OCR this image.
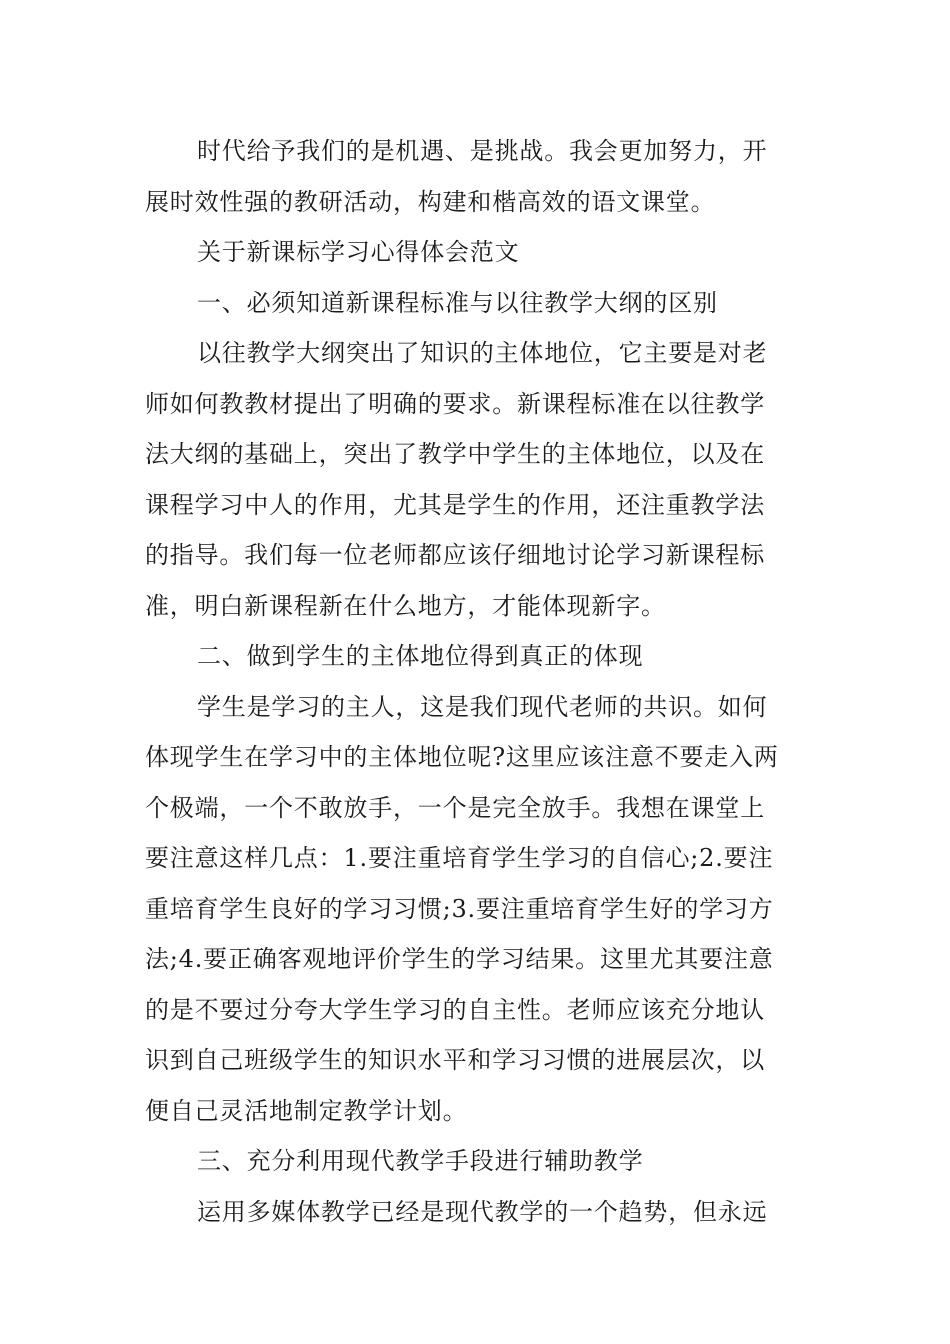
时代给予我们的是机遇、是挑战。我会更加努力，开
展时效性强的教研活动，构建和楷高效的语文课堂。
关于新课标学习心得体会范文
一、必须知道新课程标准与以往教学大纲的区别
以往教学大纲突出了知识的主体地位，它主要是对老
师如何教教材提出了明确的要求。新课程标准在以往教学
法大纲的基础上，突出了教学中学生的主体地位，以及在
课程学习中人的作用，尤其是学生的作用，还注重教学法
的指导。我们每一位老师都应该仔细地讨论学习新课程标
准，明白新课程新在什么地方，才能体现新字。
二、做到学生的主体地位得到真正的体现
学生是学习的主人，这是我们现代老师的共识。如何
体现学生在学习中的主体地位呢?这里应该注意不要走入两
个极端，一个不敢放手，一个是完全放手。我想在课堂上
要注意这样几点：1.要注重培育学生学习的自信心;2.要注
重培育学生良好的学习习惯;3.要注重培育学生好的学习方
法;4.要正确客观地评价学生的学习结果。这里尤其要注意
的是不要过分夸大学生学习的自主性。老师应该充分地认
识到自己班级学生的知识水平和学习习惯的进展层次，以
便自己灵活地制定教学计划。
三、充分利用现代教学手段进行辅助教学
运用多媒体教学已经是现代教学的一个趋势，但永远
